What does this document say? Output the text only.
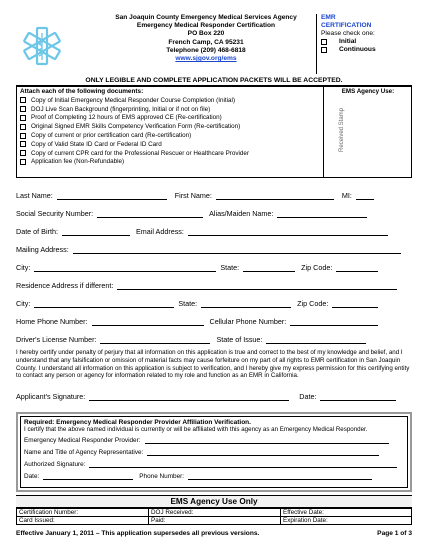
San Joaquin County Emergency Medical Services Agency
Emergency Medical Responder Certification
PO Box 220
French Camp, CA 95231
Telephone (209) 468-6818
www.sjgov.org/ems
EMR
CERTIFICATION
Please check one:
Initial
Continuous
ONLY LEGIBLE AND COMPLETE APPLICATION PACKETS WILL BE ACCEPTED.
Attach each of the following documents:
Copy of Initial Emergency Medical Responder Course Completion (Initial)
DOJ Live Scan Background (fingerprinting, Initial or if not on file)
Proof of Completing 12 hours of EMS approved CE (Re-certification)
Original Signed EMR Skills Competency Verification Form (Re-certification)
Copy of current or prior certification card (Re-certification)
Copy of Valid State ID Card or Federal ID Card
Copy of current CPR card for the Professional Rescuer or Healthcare Provider
Application fee (Non-Refundable)
EMS Agency Use:
Received Stamp
Last Name:	First Name:	MI:
Social Security Number:	Alias/Maiden Name:
Date of Birth:	Email Address:
Mailing Address:
City:	State:	Zip Code:
Residence Address if different:
City:	State:	Zip Code:
Home Phone Number:	Cellular Phone Number:
Driver's License Number:	State of Issue:
I hereby certify under penalty of perjury that all information on this application is true and correct to the best of my knowledge and belief, and I understand that any falsification or omission of material facts may cause forfeiture on my part of all rights to EMR certification in San Joaquin County. I understand all information on this application is subject to verification, and I hereby give my express permission for this certifying entity to contact any person or agency for information related to my role and function as an EMR in California.
Applicant's Signature:	Date:
Required: Emergency Medical Responder Provider Affiliation Verification.
I certify that the above named individual is currently or will be affiliated with this agency as an Emergency Medical Responder.
Emergency Medical Responder Provider:
Name and Title of Agency Representative:
Authorized Signature:
Date:	Phone Number:
EMS Agency Use Only
Certification Number:	DOJ Received:	Effective Date:
Card Issued:	Paid:	Expiration Date:
Effective January 1, 2011 – This application supersedes all previous versions.	Page 1 of 3
